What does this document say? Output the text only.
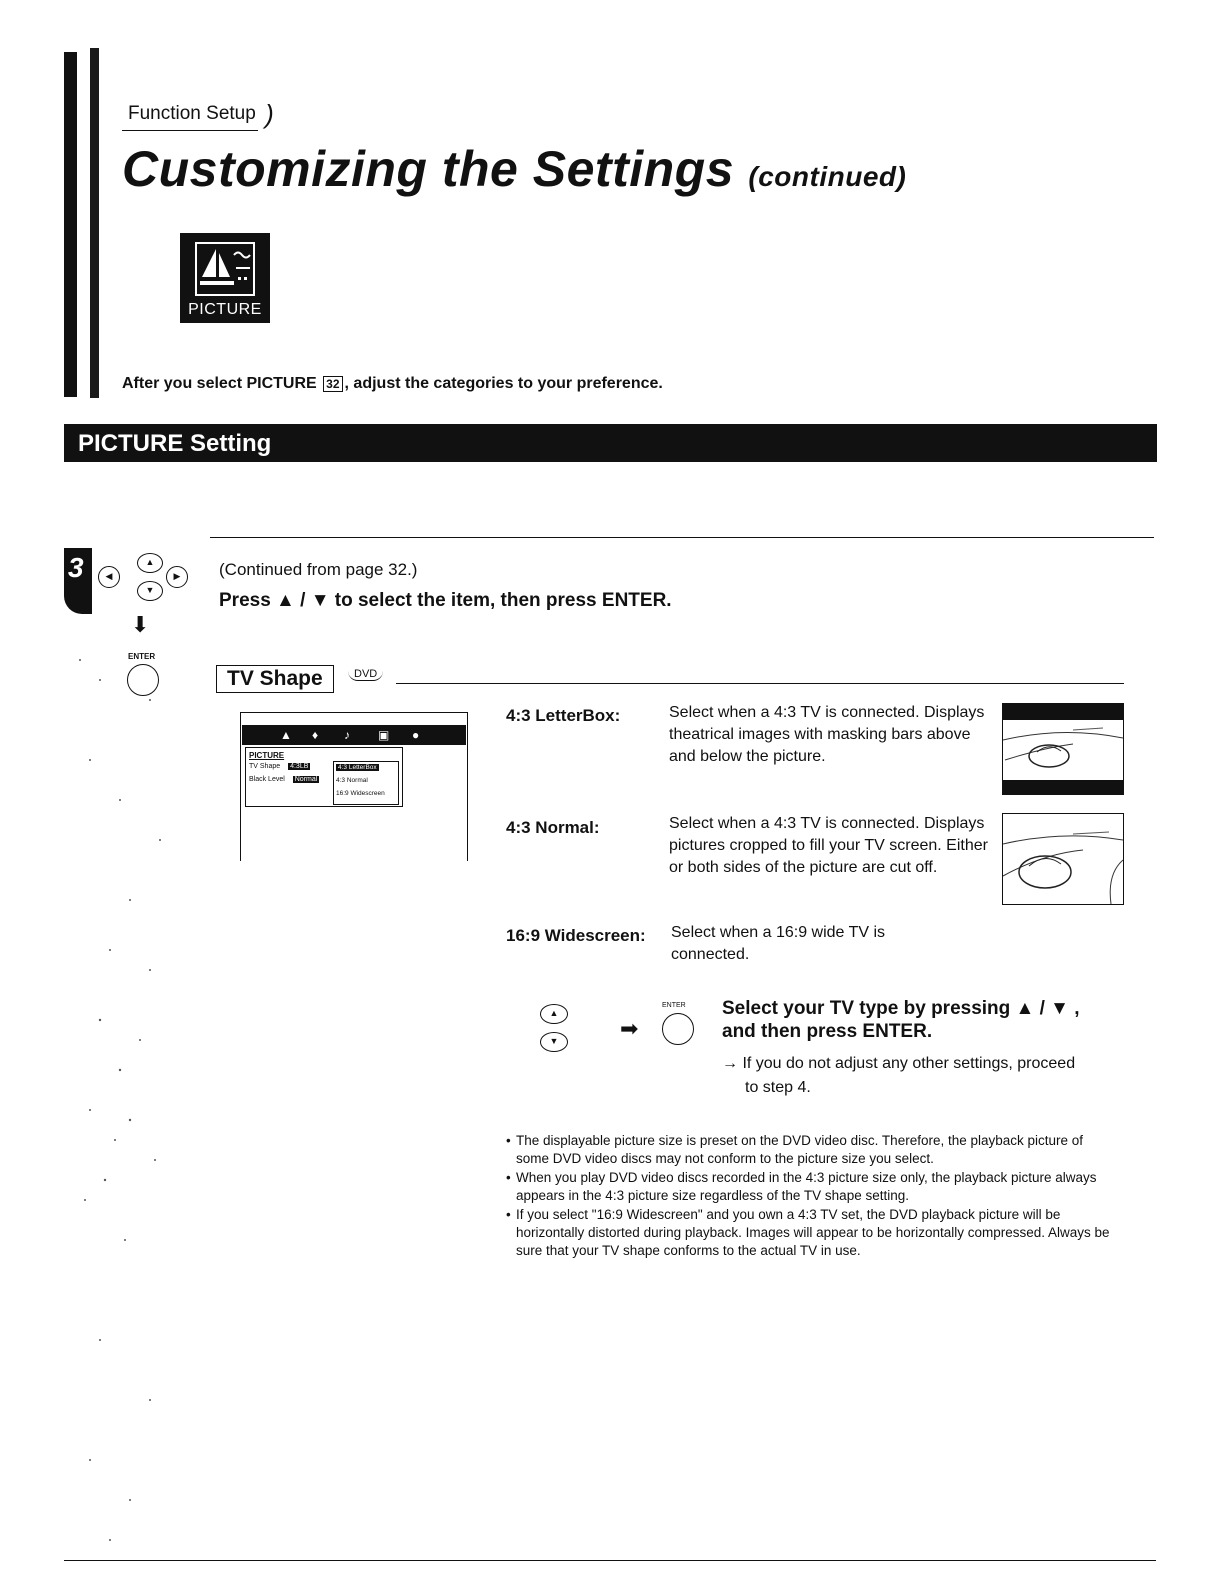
Function Setup )
Customizing the Settings (continued)
PICTURE
After you select PICTURE 32 , adjust the categories to your preference.
PICTURE Setting
3	◀
▲
▼
▶
⬇
ENTER
(Continued from page 32.)
Press ▲ / ▼ to select the item, then press ENTER.
TV Shape	DVD
▲ ♦ ♪ ▣ ●
PICTURE
TV Shape 4:3LB
Black Level Normal
4:3 LetterBox
4:3 Normal
16:9 Widescreen
4:3 LetterBox:	Select when a 4:3 TV is connected. Displays theatrical images with masking bars above and below the picture.
4:3 Normal:	Select when a 4:3 TV is connected. Displays pictures cropped to fill your TV screen. Either or both sides of the picture are cut off.
16:9 Widescreen: Select when a 16:9 wide TV is connected.
▲
▼	➡
ENTER Select your TV type by pressing ▲ / ▼ ,
and then press ENTER.
→ If you do not adjust any other settings, proceed
to step 4.
• The displayable picture size is preset on the DVD video disc. Therefore, the playback picture of some DVD video discs may not conform to the picture size you select.
• When you play DVD video discs recorded in the 4:3 picture size only, the playback picture always appears in the 4:3 picture size regardless of the TV shape setting.
• If you select "16:9 Widescreen" and you own a 4:3 TV set, the DVD playback picture will be horizontally distorted during playback. Images will appear to be horizontally compressed. Always be sure that your TV shape conforms to the actual TV in use.
